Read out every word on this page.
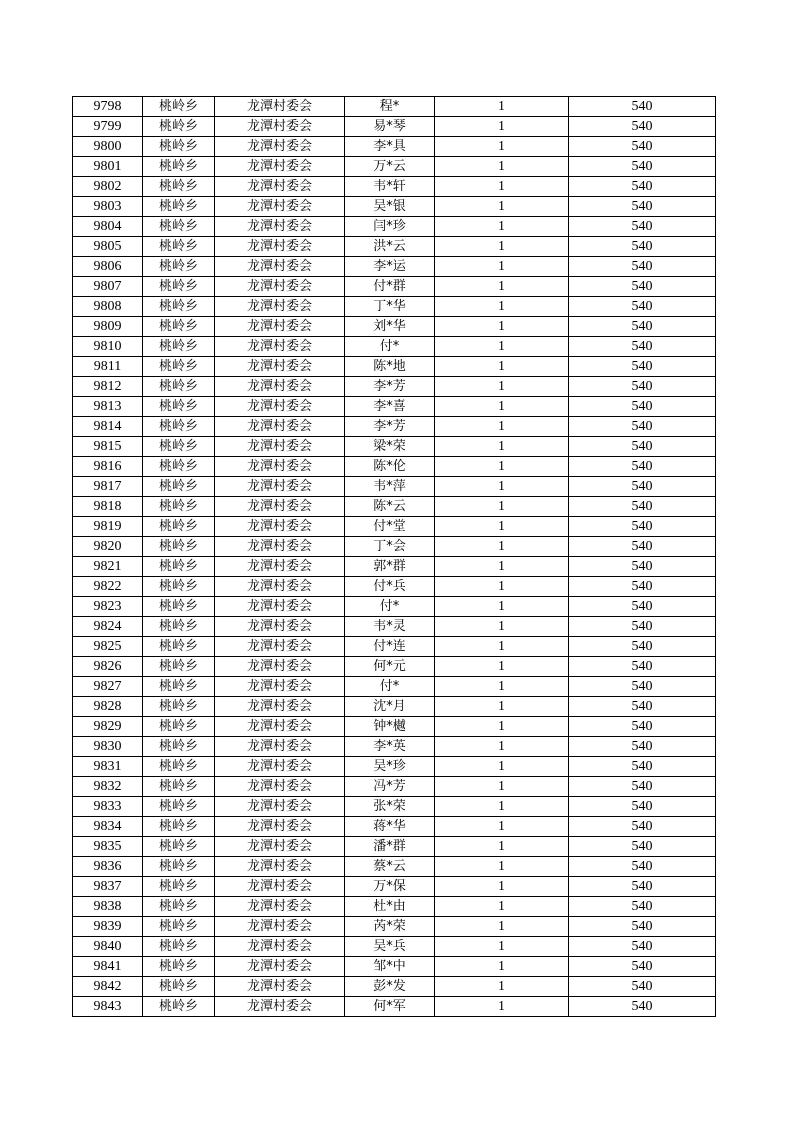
9798	桃岭乡	龙潭村委会	程*	1	540
9799	桃岭乡	龙潭村委会	易*琴	1	540
9800	桃岭乡	龙潭村委会	李*具	1	540
9801	桃岭乡	龙潭村委会	万*云	1	540
9802	桃岭乡	龙潭村委会	韦*轩	1	540
9803	桃岭乡	龙潭村委会	吴*银	1	540
9804	桃岭乡	龙潭村委会	闫*珍	1	540
9805	桃岭乡	龙潭村委会	洪*云	1	540
9806	桃岭乡	龙潭村委会	李*运	1	540
9807	桃岭乡	龙潭村委会	付*群	1	540
9808	桃岭乡	龙潭村委会	丁*华	1	540
9809	桃岭乡	龙潭村委会	刘*华	1	540
9810	桃岭乡	龙潭村委会	付*	1	540
9811	桃岭乡	龙潭村委会	陈*地	1	540
9812	桃岭乡	龙潭村委会	李*芳	1	540
9813	桃岭乡	龙潭村委会	李*喜	1	540
9814	桃岭乡	龙潭村委会	李*芳	1	540
9815	桃岭乡	龙潭村委会	梁*荣	1	540
9816	桃岭乡	龙潭村委会	陈*伦	1	540
9817	桃岭乡	龙潭村委会	韦*萍	1	540
9818	桃岭乡	龙潭村委会	陈*云	1	540
9819	桃岭乡	龙潭村委会	付*堂	1	540
9820	桃岭乡	龙潭村委会	丁*会	1	540
9821	桃岭乡	龙潭村委会	郭*群	1	540
9822	桃岭乡	龙潭村委会	付*兵	1	540
9823	桃岭乡	龙潭村委会	付*	1	540
9824	桃岭乡	龙潭村委会	韦*灵	1	540
9825	桃岭乡	龙潭村委会	付*连	1	540
9826	桃岭乡	龙潭村委会	何*元	1	540
9827	桃岭乡	龙潭村委会	付*	1	540
9828	桃岭乡	龙潭村委会	沈*月	1	540
9829	桃岭乡	龙潭村委会	钟*樾	1	540
9830	桃岭乡	龙潭村委会	李*英	1	540
9831	桃岭乡	龙潭村委会	吴*珍	1	540
9832	桃岭乡	龙潭村委会	冯*芳	1	540
9833	桃岭乡	龙潭村委会	张*荣	1	540
9834	桃岭乡	龙潭村委会	蒋*华	1	540
9835	桃岭乡	龙潭村委会	潘*群	1	540
9836	桃岭乡	龙潭村委会	蔡*云	1	540
9837	桃岭乡	龙潭村委会	万*保	1	540
9838	桃岭乡	龙潭村委会	杜*由	1	540
9839	桃岭乡	龙潭村委会	芮*荣	1	540
9840	桃岭乡	龙潭村委会	吴*兵	1	540
9841	桃岭乡	龙潭村委会	邹*中	1	540
9842	桃岭乡	龙潭村委会	彭*发	1	540
9843	桃岭乡	龙潭村委会	何*军	1	540
